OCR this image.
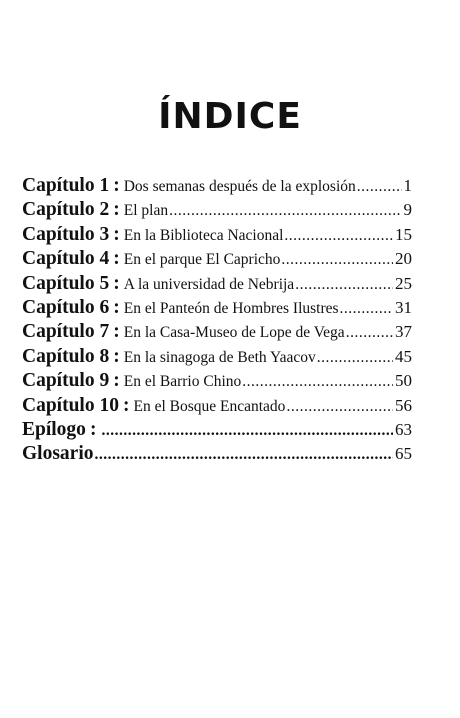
ÍNDICE
Capítulo 1 : Dos semanas después de la explosión .....	1
Capítulo 2 : El plan .....	9
Capítulo 3 : En la Biblioteca Nacional .....	15
Capítulo 4 : En el parque El Capricho .....	20
Capítulo 5 : A la universidad de Nebrija .....	25
Capítulo 6 : En el Panteón de Hombres Ilustres .....	31
Capítulo 7 : En la Casa-Museo de Lope de Vega .....	37
Capítulo 8 : En la sinagoga de Beth Yaacov .....	45
Capítulo 9 : En el Barrio Chino .....	50
Capítulo 10 : En el Bosque Encantado .....	56
Epílogo : .....	63
Glosario .....	65
